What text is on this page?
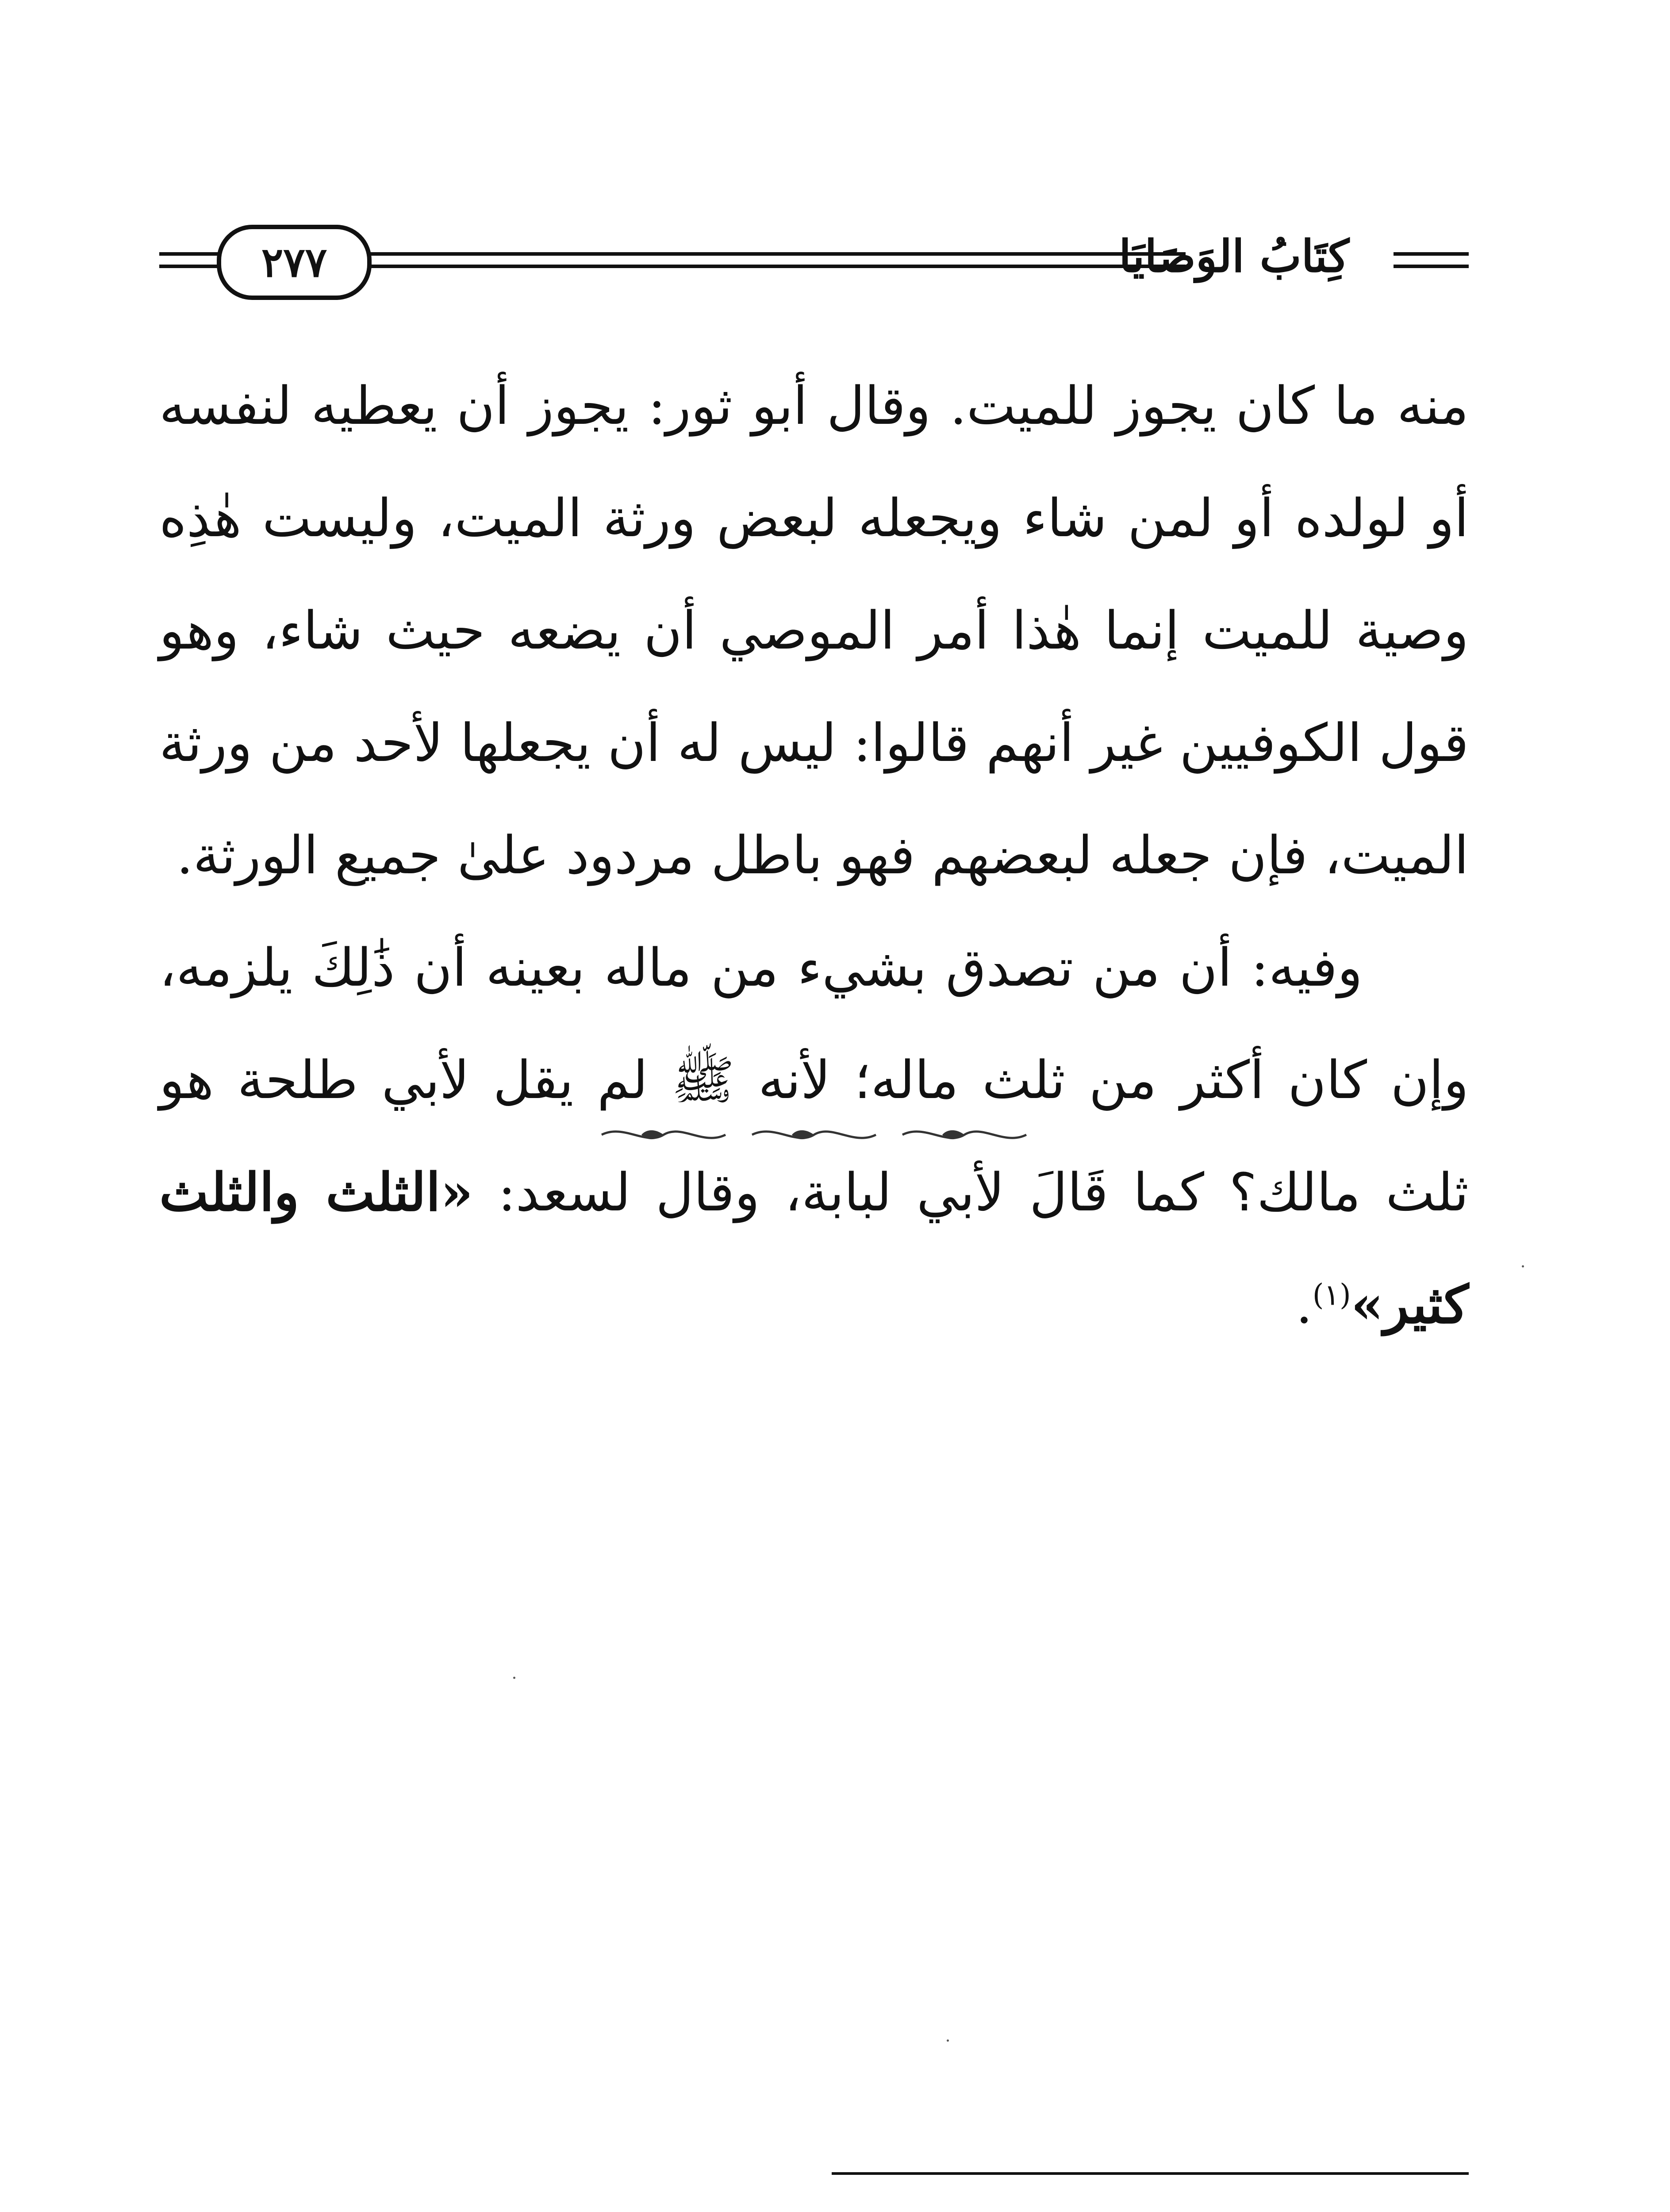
٢٧٧	كِتَابُ الوَصَايَا

منه ما كان يجوز للميت. وقال أبو ثور: يجوز أن يعطيه لنفسه أو لولده أو لمن شاء ويجعله لبعض ورثة الميت، وليست هٰذِه وصية للميت إنما هٰذا أمر الموصي أن يضعه حيث شاء، وهو قول الكوفيين غير أنهم قالوا: ليس له أن يجعلها لأحد من ورثة الميت، فإن جعله لبعضهم فهو باطل مردود علىٰ جميع الورثة.

وفيه: أن من تصدق بشيء من ماله بعينه أن ذَٰلِكَ يلزمه، وإن كان أكثر من ثلث ماله؛ لأنه ﷺ لم يقل لأبي طلحة هو ثلث مالك؟ كما قَالَ لأبي لبابة، وقال لسعد: «الثلث والثلث كثير»$^{(١)}$.
